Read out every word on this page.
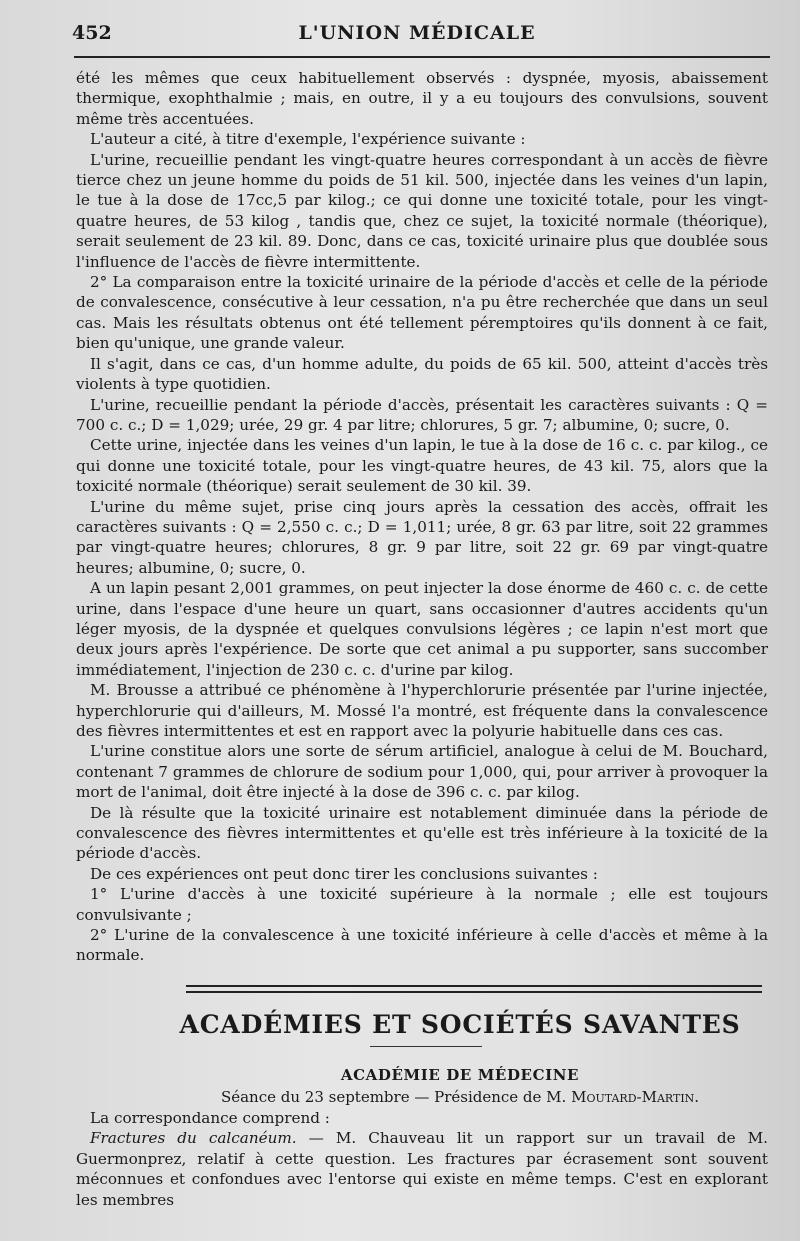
452	L'UNION MÉDICALE

été les mêmes que ceux habituellement observés : dyspnée, myosis, abaissement thermique, exophthalmie ; mais, en outre, il y a eu toujours des convulsions, souvent même très accentuées.

L'auteur a cité, à titre d'exemple, l'expérience suivante :

L'urine, recueillie pendant les vingt-quatre heures correspondant à un accès de fièvre tierce chez un jeune homme du poids de 51 kil. 500, injectée dans les veines d'un lapin, le tue à la dose de 17cc,5 par kilog.; ce qui donne une toxicité totale, pour les vingt-quatre heures, de 53 kilog , tandis que, chez ce sujet, la toxicité normale (théorique), serait seulement de 23 kil. 89. Donc, dans ce cas, toxicité urinaire plus que doublée sous l'influence de l'accès de fièvre intermittente.

2° La comparaison entre la toxicité urinaire de la période d'accès et celle de la période de convalescence, consécutive à leur cessation, n'a pu être recherchée que dans un seul cas. Mais les résultats obtenus ont été tellement péremptoires qu'ils donnent à ce fait, bien qu'unique, une grande valeur.

Il s'agit, dans ce cas, d'un homme adulte, du poids de 65 kil. 500, atteint d'accès très violents à type quotidien.

L'urine, recueillie pendant la période d'accès, présentait les caractères suivants : Q = 700 c. c.; D = 1,029; urée, 29 gr. 4 par litre; chlorures, 5 gr. 7; albumine, 0; sucre, 0.

Cette urine, injectée dans les veines d'un lapin, le tue à la dose de 16 c. c. par kilog., ce qui donne une toxicité totale, pour les vingt-quatre heures, de 43 kil. 75, alors que la toxicité normale (théorique) serait seulement de 30 kil. 39.

L'urine du même sujet, prise cinq jours après la cessation des accès, offrait les caractères suivants : Q = 2,550 c. c.; D = 1,011; urée, 8 gr. 63 par litre, soit 22 grammes par vingt-quatre heures; chlorures, 8 gr. 9 par litre, soit 22 gr. 69 par vingt-quatre heures; albumine, 0; sucre, 0.

A un lapin pesant 2,001 grammes, on peut injecter la dose énorme de 460 c. c. de cette urine, dans l'espace d'une heure un quart, sans occasionner d'autres accidents qu'un léger myosis, de la dyspnée et quelques convulsions légères ; ce lapin n'est mort que deux jours après l'expérience. De sorte que cet animal a pu supporter, sans succomber immédiatement, l'injection de 230 c. c. d'urine par kilog.

M. Brousse a attribué ce phénomène à l'hyperchlorurie présentée par l'urine injectée, hyperchlorurie qui d'ailleurs, M. Mossé l'a montré, est fréquente dans la convalescence des fièvres intermittentes et est en rapport avec la polyurie habituelle dans ces cas.

L'urine constitue alors une sorte de sérum artificiel, analogue à celui de M. Bouchard, contenant 7 grammes de chlorure de sodium pour 1,000, qui, pour arriver à provoquer la mort de l'animal, doit être injecté à la dose de 396 c. c. par kilog.

De là résulte que la toxicité urinaire est notablement diminuée dans la période de convalescence des fièvres intermittentes et qu'elle est très inférieure à la toxicité de la période d'accès.

De ces expériences ont peut donc tirer les conclusions suivantes :

1° L'urine d'accès à une toxicité supérieure à la normale ; elle est toujours convulsivante ;

2° L'urine de la convalescence à une toxicité inférieure à celle d'accès et même à la normale.

ACADÉMIES ET SOCIÉTÉS SAVANTES
ACADÉMIE DE MÉDECINE
Séance du 23 septembre — Présidence de M. Moutard-Martin.

La correspondance comprend :

Fractures du calcanéum. — M. Chauveau lit un rapport sur un travail de M. Guermonprez, relatif à cette question. Les fractures par écrasement sont souvent méconnues et confondues avec l'entorse qui existe en même temps. C'est en explorant les membres
